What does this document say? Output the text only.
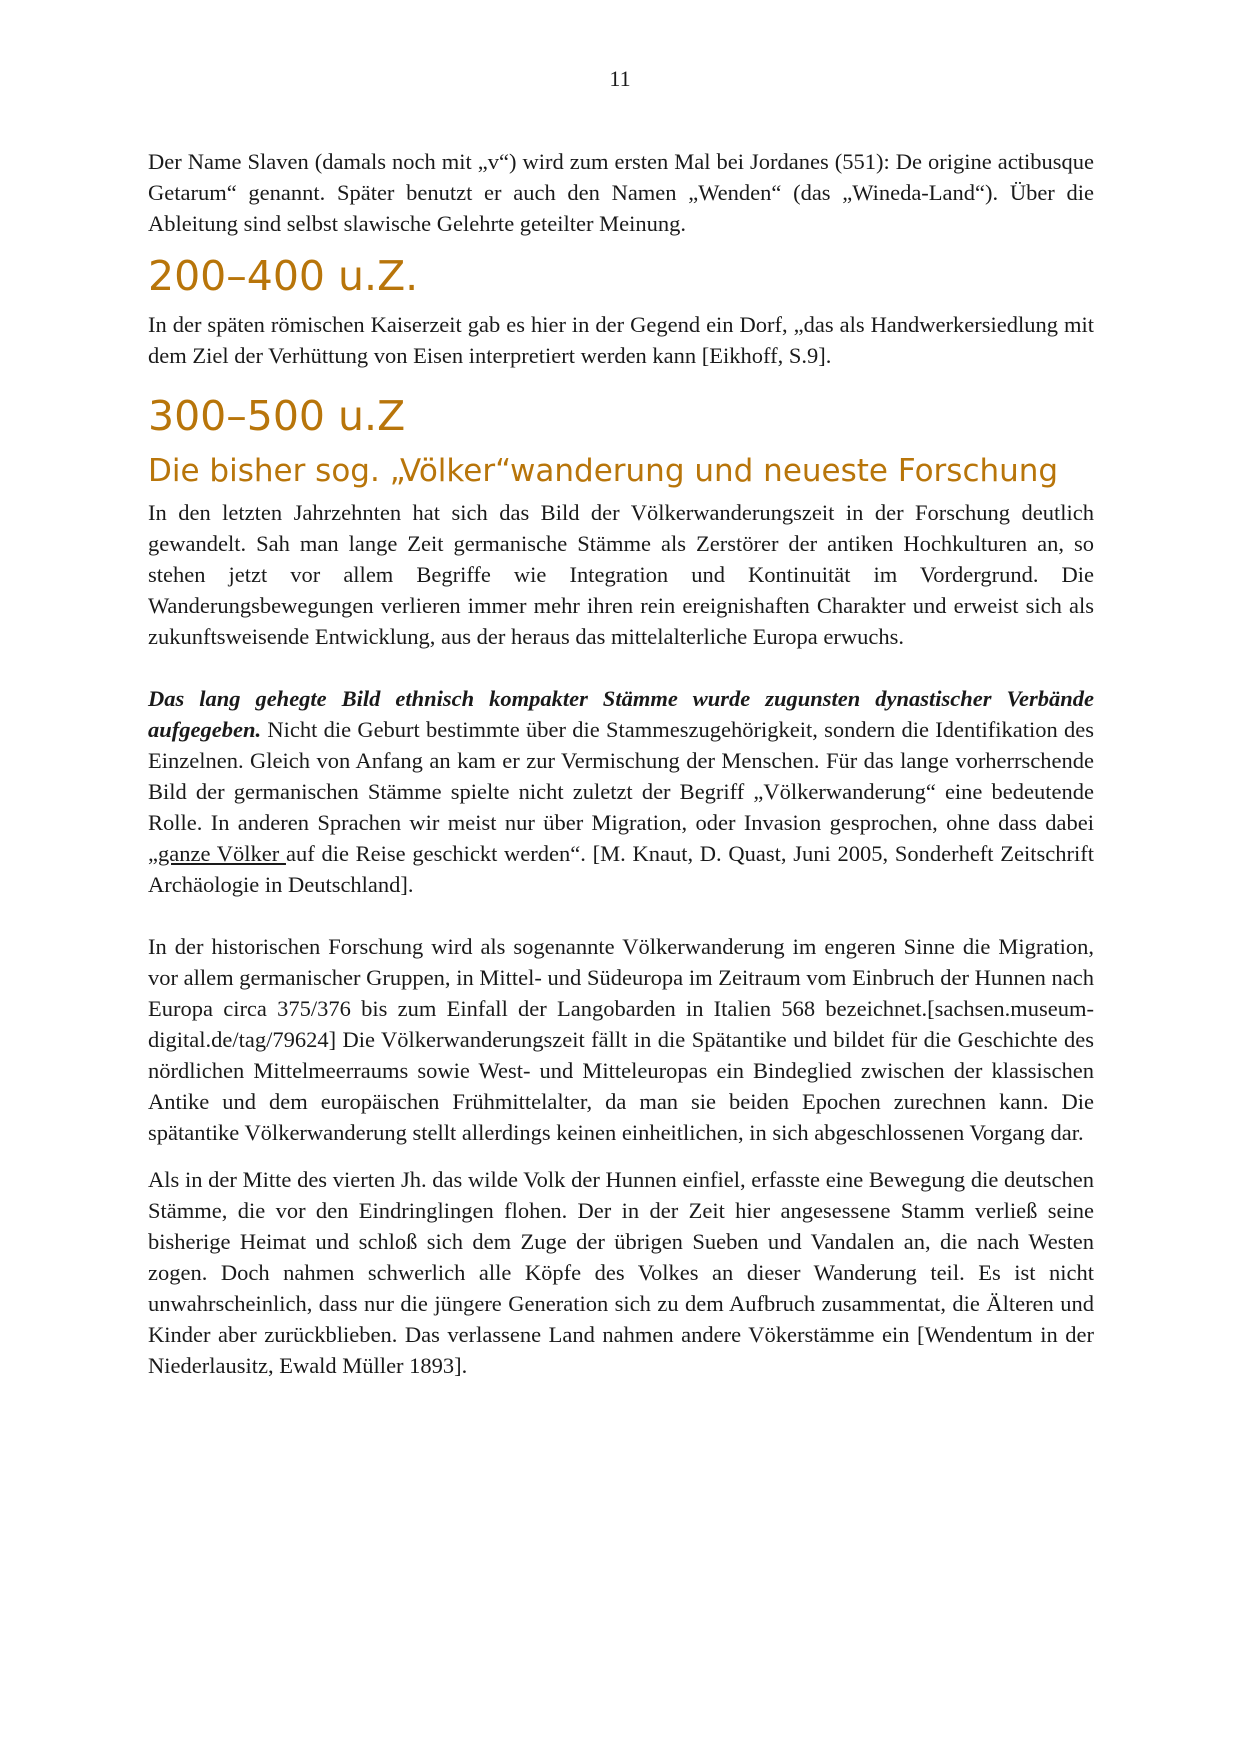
11

Der Name Slaven (damals noch mit „v“) wird zum ersten Mal bei Jordanes (551): De origine actibusque Getarum“ genannt. Später benutzt er auch den Namen „Wenden“ (das „Wineda-Land“). Über die Ableitung sind selbst slawische Gelehrte geteilter Meinung.

200–400 u.Z.

In der späten römischen Kaiserzeit gab es hier in der Gegend ein Dorf, „das als Handwerkersiedlung mit dem Ziel der Verhüttung von Eisen interpretiert werden kann [Eikhoff, S.9].

300–500 u.Z
Die bisher sog. „Völker“wanderung und neueste Forschung

In den letzten Jahrzehnten hat sich das Bild der Völkerwanderungszeit in der Forschung deutlich gewandelt. Sah man lange Zeit germanische Stämme als Zerstörer der antiken Hochkulturen an, so stehen jetzt vor allem Begriffe wie Integration und Kontinuität im Vordergrund. Die Wanderungsbewegungen verlieren immer mehr ihren rein ereignishaften Charakter und erweist sich als zukunftsweisende Entwicklung, aus der heraus das mittelalterliche Europa erwuchs.

Das lang gehegte Bild ethnisch kompakter Stämme wurde zugunsten dynastischer Verbände aufgegeben. Nicht die Geburt bestimmte über die Stammeszugehörigkeit, sondern die Identifikation des Einzelnen. Gleich von Anfang an kam er zur Vermischung der Menschen. Für das lange vorherrschende Bild der germanischen Stämme spielte nicht zuletzt der Begriff „Völkerwanderung“ eine bedeutende Rolle. In anderen Sprachen wir meist nur über Migration, oder Invasion gesprochen, ohne dass dabei „ganze Völker auf die Reise geschickt werden“. [M. Knaut, D. Quast, Juni 2005, Sonderheft Zeitschrift Archäologie in Deutschland].

In der historischen Forschung wird als sogenannte Völkerwanderung im engeren Sinne die Migration, vor allem germanischer Gruppen, in Mittel- und Südeuropa im Zeitraum vom Einbruch der Hunnen nach Europa circa 375/376 bis zum Einfall der Langobarden in Italien 568 bezeichnet.[sachsen.museum-digital.de/tag/79624] Die Völkerwanderungszeit fällt in die Spätantike und bildet für die Geschichte des nördlichen Mittelmeerraums sowie West- und Mitteleuropas ein Bindeglied zwischen der klassischen Antike und dem europäischen Frühmittelalter, da man sie beiden Epochen zurechnen kann. Die spätantike Völkerwanderung stellt allerdings keinen einheitlichen, in sich abgeschlossenen Vorgang dar.

Als in der Mitte des vierten Jh. das wilde Volk der Hunnen einfiel, erfasste eine Bewegung die deutschen Stämme, die vor den Eindringlingen flohen. Der in der Zeit hier angesessene Stamm verließ seine bisherige Heimat und schloß sich dem Zuge der übrigen Sueben und Vandalen an, die nach Westen zogen. Doch nahmen schwerlich alle Köpfe des Volkes an dieser Wanderung teil. Es ist nicht unwahrscheinlich, dass nur die jüngere Generation sich zu dem Aufbruch zusammentat, die Älteren und Kinder aber zurückblieben. Das verlassene Land nahmen andere Vökerstämme ein [Wendentum in der Niederlausitz, Ewald Müller 1893].
